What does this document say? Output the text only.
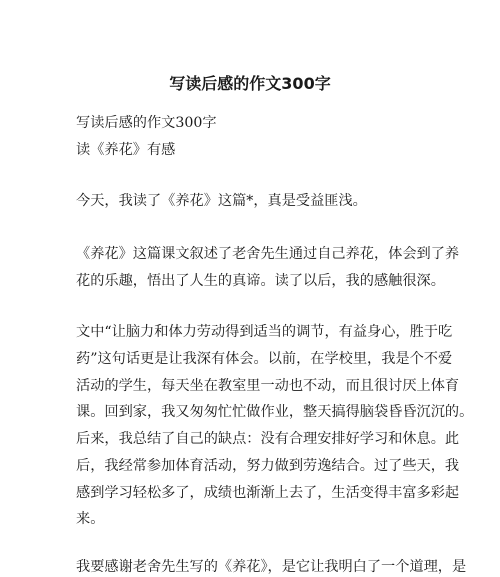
写读后感的作文300字
写读后感的作文300字
读《养花》有感
今天，我读了《养花》这篇*，真是受益匪浅。
《养花》这篇课文叙述了老舍先生通过自己养花，体会到了养
花的乐趣，悟出了人生的真谛。读了以后，我的感触很深。
文中“让脑力和体力劳动得到适当的调节，有益身心，胜于吃
药”这句话更是让我深有体会。以前，在学校里，我是个不爱
活动的学生，每天坐在教室里一动也不动，而且很讨厌上体育
课。回到家，我又匆匆忙忙做作业，整天搞得脑袋昏昏沉沉的。
后来，我总结了自己的缺点：没有合理安排好学习和休息。此
后，我经常参加体育活动，努力做到劳逸结合。过了些天，我
感到学习轻松多了，成绩也渐渐上去了，生活变得丰富多彩起
来。
我要感谢老舍先生写的《养花》，是它让我明白了一个道理，是
